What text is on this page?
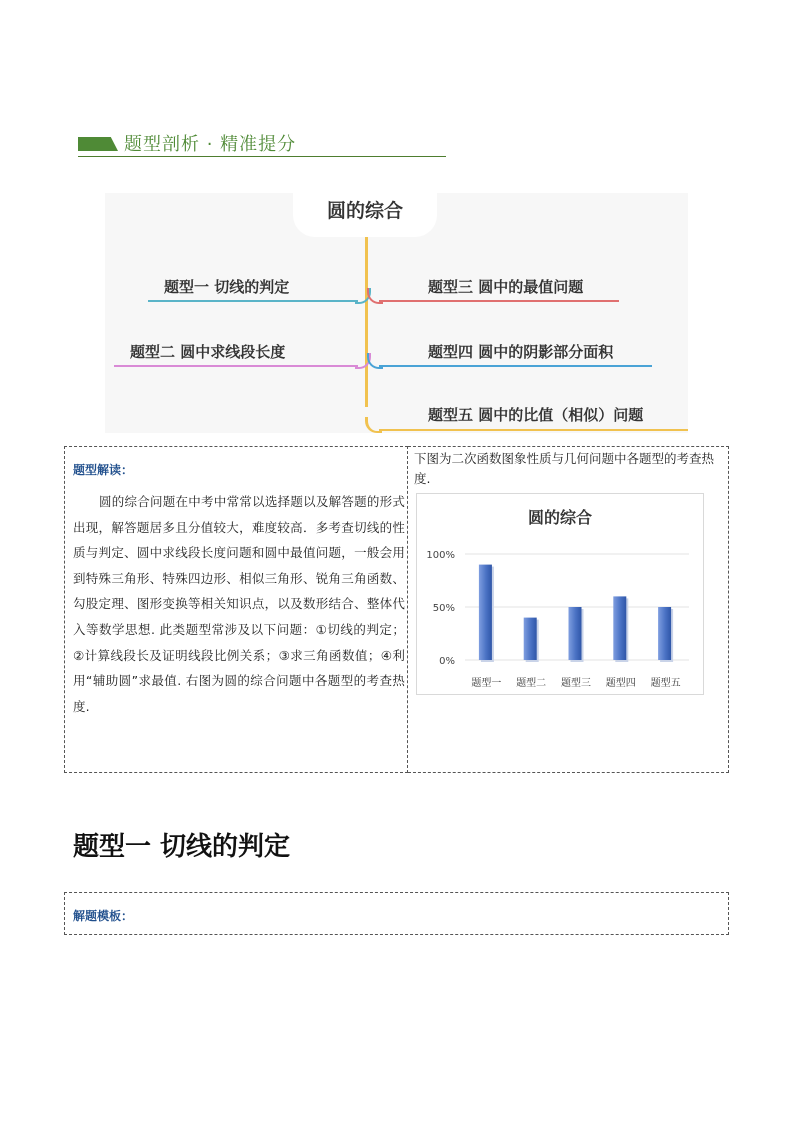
题型剖析 · 精准提分
圆的综合
题型一 切线的判定
题型二 圆中求线段长度
题型三 圆中的最值问题
题型四 圆中的阴影部分面积
题型五 圆中的比值（相似）问题
题型解读：
圆的综合问题在中考中常常以选择题以及解答题的形式出现，解答题居多且分值较大，难度较高．多考查切线的性质与判定、圆中求线段长度问题和圆中最值问题，一般会用到特殊三角形、特殊四边形、相似三角形、锐角三角函数、勾股定理、图形变换等相关知识点，以及数形结合、整体代入等数学思想. 此类题型常涉及以下问题：①切线的判定；②计算线段长及证明线段比例关系；③求三角函数值；④利用“辅助圆”求最值. 右图为圆的综合问题中各题型的考查热度.
下图为二次函数图象性质与几何问题中各题型的考查热度.
圆的综合
0%
50%
100%
题型一 题型二 题型三 题型四 题型五
题型一 切线的判定
解题模板：
